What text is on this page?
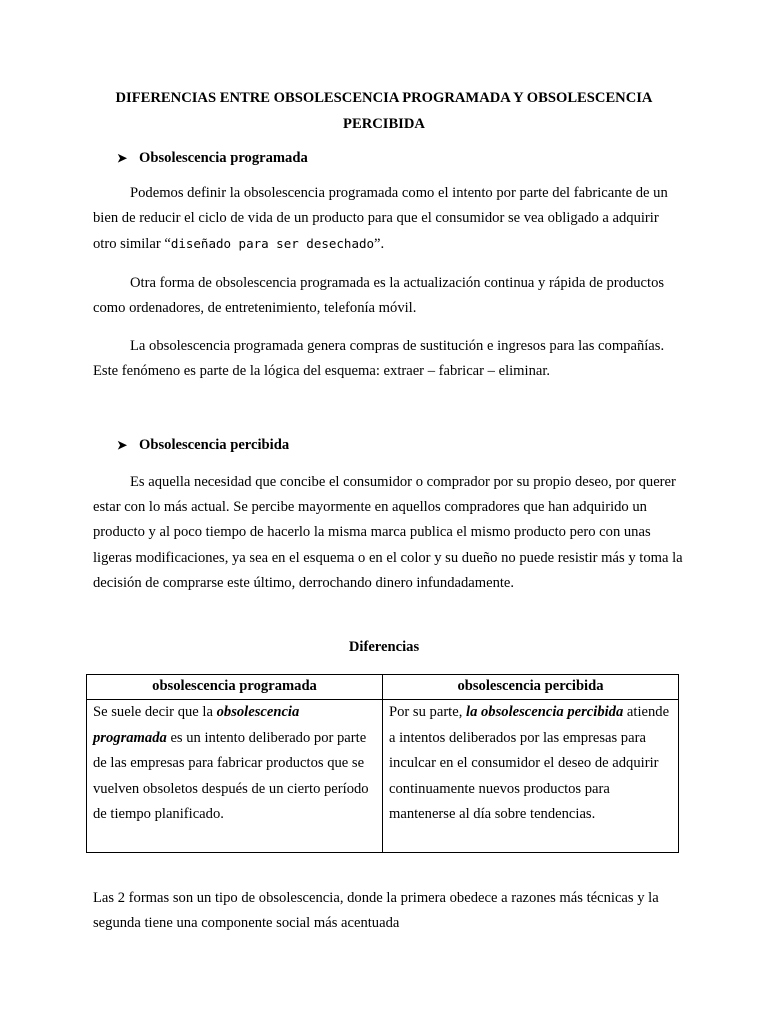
DIFERENCIAS ENTRE OBSOLESCENCIA PROGRAMADA Y OBSOLESCENCIA
PERCIBIDA
➤ Obsolescencia programada

Podemos definir la obsolescencia programada como el intento por parte del fabricante de un bien de reducir el ciclo de vida de un producto para que el consumidor se vea obligado a adquirir otro similar “diseñado para ser desechado”.

Otra forma de obsolescencia programada es la actualización continua y rápida de productos como ordenadores, de entretenimiento, telefonía móvil.

La obsolescencia programada genera compras de sustitución e ingresos para las compañías. Este fenómeno es parte de la lógica del esquema: extraer – fabricar – eliminar.

➤ Obsolescencia percibida

Es aquella necesidad que concibe el consumidor o comprador por su propio deseo, por querer estar con lo más actual. Se percibe mayormente en aquellos compradores que han adquirido un producto y al poco tiempo de hacerlo la misma marca publica el mismo producto pero con unas ligeras modificaciones, ya sea en el esquema o en el color y su dueño no puede resistir más y toma la decisión de comprarse este último, derrochando dinero infundadamente.

Diferencias
obsolescencia programada	obsolescencia percibida
Se suele decir que la obsolescencia programada es un intento deliberado por parte de las empresas para fabricar productos que se vuelven obsoletos después de un cierto período de tiempo planificado.	Por su parte, la obsolescencia percibida atiende a intentos deliberados por las empresas para inculcar en el consumidor el deseo de adquirir continuamente nuevos productos para mantenerse al día sobre tendencias.

Las 2 formas son un tipo de obsolescencia, donde la primera obedece a razones más técnicas y la segunda tiene una componente social más acentuada
